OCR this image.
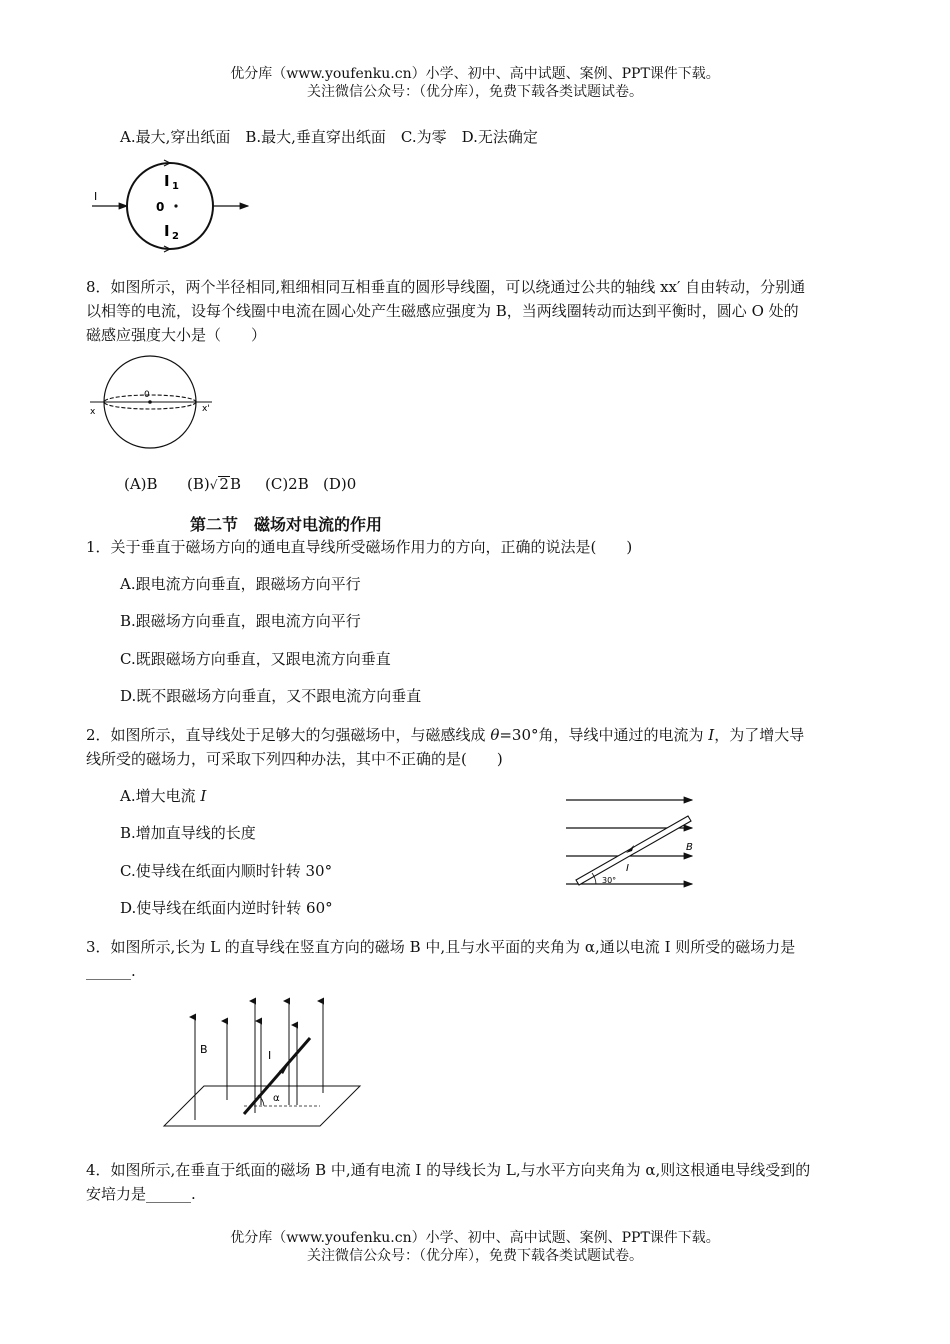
优分库（www.youfenku.cn）小学、初中、高中试题、案例、PPT课件下载。
关注微信公众号：（优分库），免费下载各类试题试卷。
A.最大,穿出纸面　B.最大,垂直穿出纸面　C.为零　D.无法确定
I
0
I 1
I 2
8．如图所示，两个半径相同,粗细相同互相垂直的圆形导线圈，可以绕通过公共的轴线 xx′ 自由转动，分别通以相等的电流，设每个线圈中电流在圆心处产生磁感应强度为 B，当两线圈转动而达到平衡时，圆心 O 处的磁感应强度大小是（　　）
0
x	x'
(A)B (B)√ 2B (C)2B (D)0
第二节　磁场对电流的作用
1．关于垂直于磁场方向的通电直导线所受磁场作用力的方向，正确的说法是(　　)
A.跟电流方向垂直，跟磁场方向平行
B.跟磁场方向垂直，跟电流方向平行
C.既跟磁场方向垂直，又跟电流方向垂直
D.既不跟磁场方向垂直，又不跟电流方向垂直
2．如图所示，直导线处于足够大的匀强磁场中，与磁感线成 θ=30°角，导线中通过的电流为 I，为了增大导线所受的磁场力，可采取下列四种办法，其中不正确的是(　　)
A.增大电流 I
B.增加直导线的长度
C.使导线在纸面内顺时针转 30°
D.使导线在纸面内逆时针转 60°
B
I
30°
3．如图所示,长为 L 的直导线在竖直方向的磁场 B 中,且与水平面的夹角为 α,通以电流 I 则所受的磁场力是______.
B	I
α
4．如图所示,在垂直于纸面的磁场 B 中,通有电流 I 的导线长为 L,与水平方向夹角为 α,则这根通电导线受到的安培力是______.
优分库（www.youfenku.cn）小学、初中、高中试题、案例、PPT课件下载。
关注微信公众号：（优分库），免费下载各类试题试卷。
